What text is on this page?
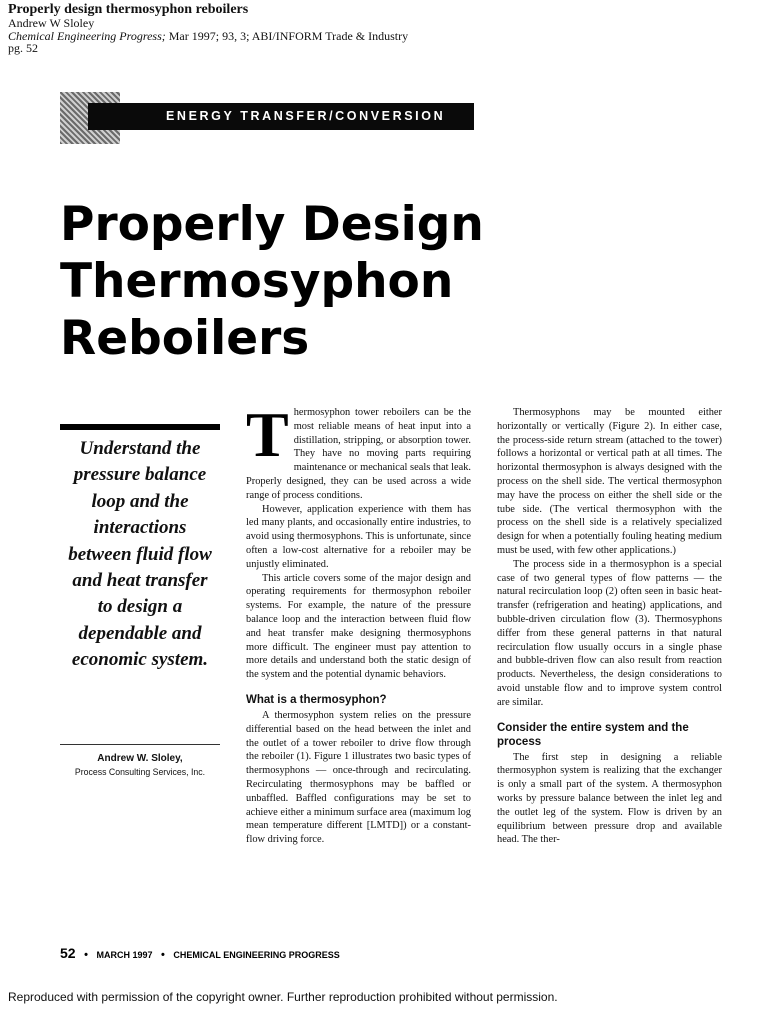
Properly design thermosyphon reboilers
Andrew W Sloley
Chemical Engineering Progress; Mar 1997; 93, 3; ABI/INFORM Trade & Industry
pg. 52
ENERGY TRANSFER/CONVERSION
Properly Design
Thermosyphon
Reboilers
Understand the
pressure balance
loop and the
interactions
between fluid flow
and heat transfer
to design a
dependable and
economic system.
Andrew W. Sloley,
Process Consulting Services, Inc.

Thermosyphon tower reboilers can be the most reliable means of heat input into a distillation, stripping, or absorption tower. They have no moving parts requiring maintenance or mechanical seals that leak. Properly designed, they can be used across a wide range of process conditions.

However, application experience with them has led many plants, and occasionally entire industries, to avoid using thermosyphons. This is unfortunate, since often a low-cost alternative for a reboiler may be unjustly eliminated.

This article covers some of the major design and operating requirements for thermosyphon reboiler systems. For example, the nature of the pressure balance loop and the interaction between fluid flow and heat transfer make designing thermosyphons more difficult. The engineer must pay attention to more details and understand both the static design of the system and the potential dynamic behaviors.

What is a thermosyphon?

A thermosyphon system relies on the pressure differential based on the head between the inlet and the outlet of a tower reboiler to drive flow through the reboiler (1). Figure 1 illustrates two basic types of thermosyphons — once-through and recirculating. Recirculating thermosyphons may be baffled or unbaffled. Baffled configurations may be set to achieve either a minimum surface area (maximum log mean temperature different [LMTD]) or a constant-flow driving force.

Thermosyphons may be mounted either horizontally or vertically (Figure 2). In either case, the process-side return stream (attached to the tower) follows a horizontal or vertical path at all times. The horizontal thermosyphon is always designed with the process on the shell side. The vertical thermosyphon may have the process on either the shell side or the tube side. (The vertical thermosyphon with the process on the shell side is a relatively specialized design for when a potentially fouling heating medium must be used, with few other applications.)

The process side in a thermosyphon is a special case of two general types of flow patterns — the natural recirculation loop (2) often seen in basic heat-transfer (refrigeration and heating) applications, and bubble-driven circulation flow (3). Thermosyphons differ from these general patterns in that natural recirculation flow usually occurs in a single phase and bubble-driven flow can also result from reaction products. Nevertheless, the design considerations to avoid unstable flow and to improve system control are similar.

Consider the entire system and the process

The first step in designing a reliable thermosyphon system is realizing that the exchanger is only a small part of the system. A thermosyphon works by pressure balance between the inlet leg and the outlet leg of the system. Flow is driven by an equilibrium between pressure drop and available head. The ther-

52 • MARCH 1997 • CHEMICAL ENGINEERING PROGRESS
Reproduced with permission of the copyright owner. Further reproduction prohibited without permission.
